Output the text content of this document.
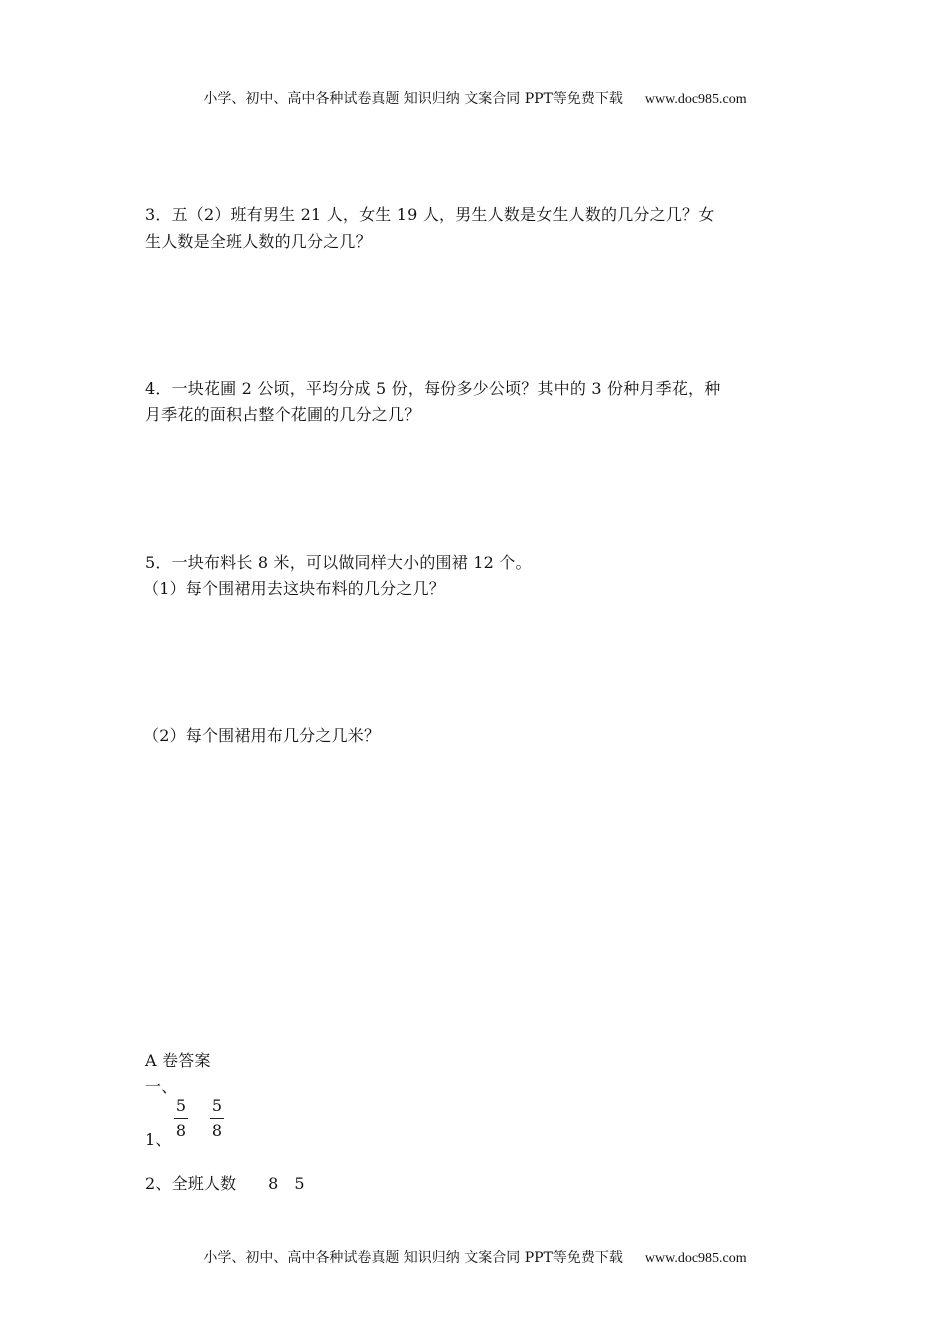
小学、初中、高中各种试卷真题 知识归纳 文案合同 PPT等免费下载 www.doc985.com
3．五（2）班有男生 21 人，女生 19 人，男生人数是女生人数的几分之几？女
生人数是全班人数的几分之几？
4．一块花圃 2 公顷，平均分成 5 份，每份多少公顷？其中的 3 份种月季花，种
月季花的面积占整个花圃的几分之几？
5．一块布料长 8 米，可以做同样大小的围裙 12 个。
（1）每个围裙用去这块布料的几分之几？
（2）每个围裙用布几分之几米？
A 卷答案
一、
1、
5
8
5
8
2、全班人数      8   5
小学、初中、高中各种试卷真题 知识归纳 文案合同 PPT等免费下载 www.doc985.com
